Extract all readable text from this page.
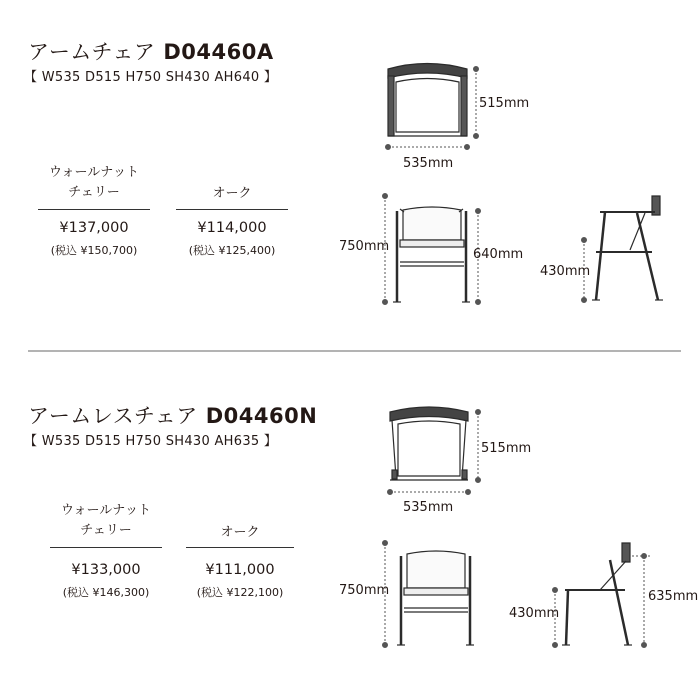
アームチェア D04460A
【 W535 D515 H750 SH430 AH640 】
ウォールナット
チェリー
¥137,000
(税込 ¥150,700)
オーク
¥114,000
(税込 ¥125,400)
515mm
535mm
750mm
640mm
430mm
アームレスチェア D04460N
【 W535 D515 H750 SH430 AH635 】
ウォールナット
チェリー
¥133,000
(税込 ¥146,300)
オーク
¥111,000
(税込 ¥122,100)
515mm
535mm
750mm	635mm
430mm
